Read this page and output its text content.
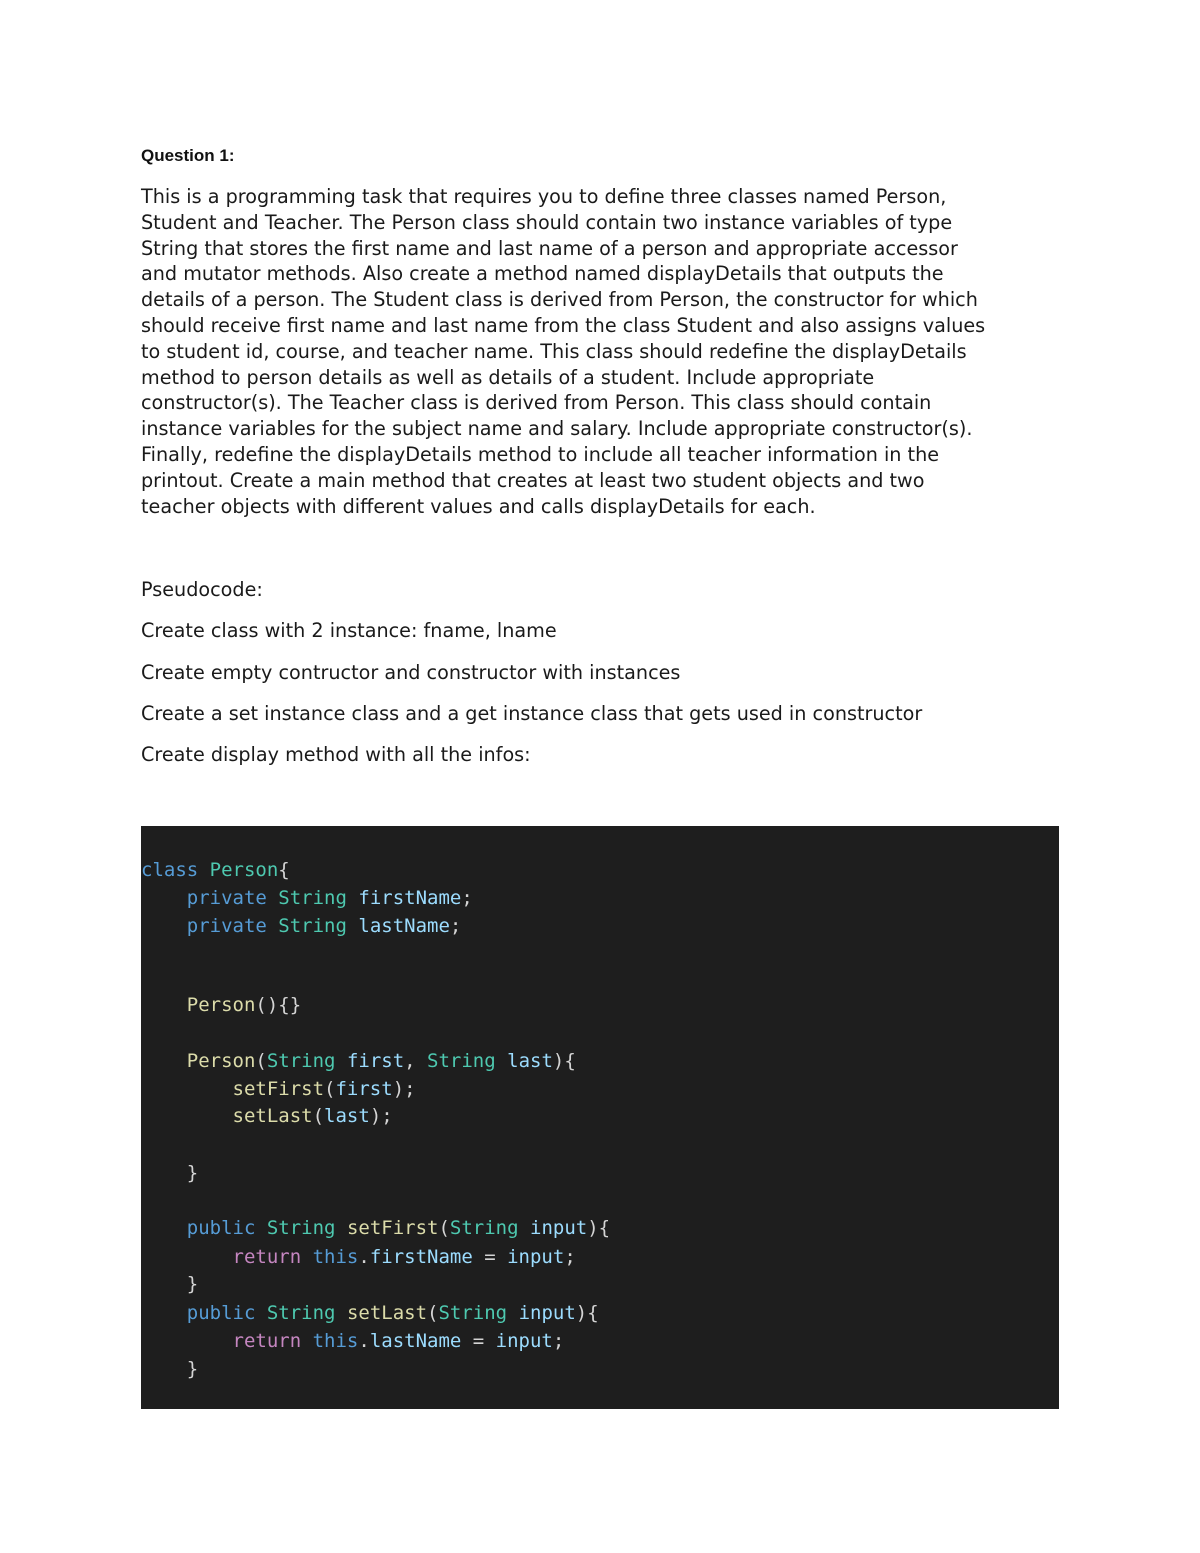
Question 1:

This is a programming task that requires you to define three classes named Person,
Student and Teacher. The Person class should contain two instance variables of type
String that stores the first name and last name of a person and appropriate accessor
and mutator methods. Also create a method named displayDetails that outputs the
details of a person. The Student class is derived from Person, the constructor for which
should receive first name and last name from the class Student and also assigns values
to student id, course, and teacher name. This class should redefine the displayDetails
method to person details as well as details of a student. Include appropriate
constructor(s). The Teacher class is derived from Person. This class should contain
instance variables for the subject name and salary. Include appropriate constructor(s).
Finally, redefine the displayDetails method to include all teacher information in the
printout. Create a main method that creates at least two student objects and two
teacher objects with different values and calls displayDetails for each.

Pseudocode:

Create class with 2 instance: fname, lname

Create empty contructor and constructor with instances

Create a set instance class and a get instance class that gets used in constructor

Create display method with all the infos:

class Person{
private String firstName;
private String lastName;
Person(){}
Person(String first, String last){
setFirst(first);
setLast(last);
}
public String setFirst(String input){
return this.firstName = input;
}
public String setLast(String input){
return this.lastName = input;
}
